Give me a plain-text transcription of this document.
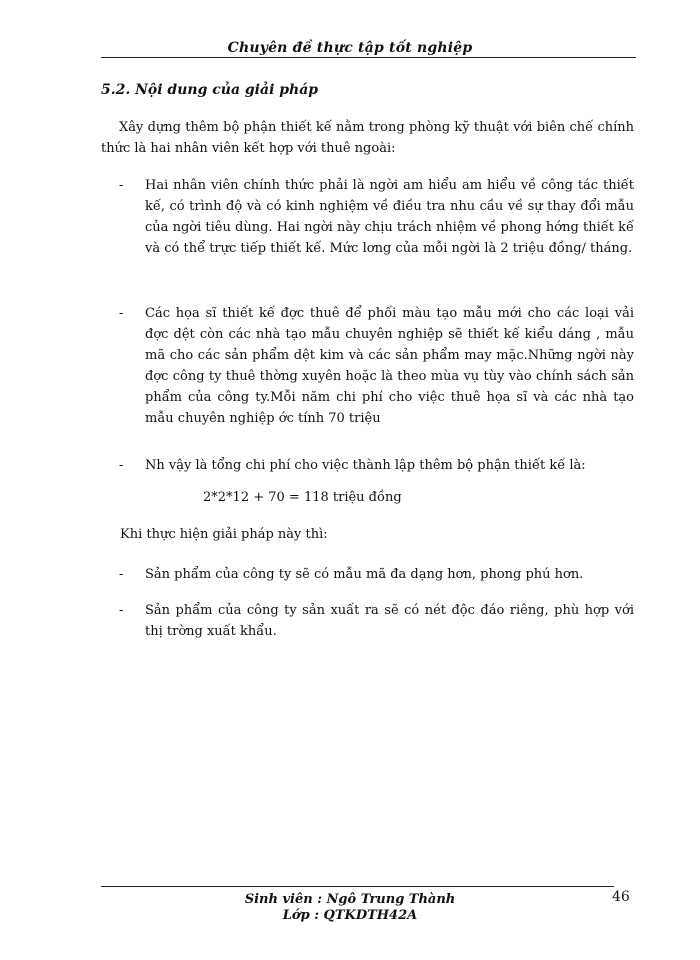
Chuyên đề thực tập tốt nghiệp
5.2. Nội dung của giải pháp

Xây dựng thêm bộ phận thiết kế nằm trong phòng kỹ thuật với biên chế chính thức là hai nhân viên kết hợp với thuê ngoài:

- Hai nhân viên chính thức phải là ngời am hiểu am hiểu về công tác thiết kế, có trình độ và có kinh nghiệm về điều tra nhu cầu về sự thay đổi mẫu của ngời tiêu dùng. Hai ngời này chịu trách nhiệm về phong hớng thiết kế và có thể trực tiếp thiết kế. Mức lơng của mỗi ngời là 2 triệu đồng/ tháng.
- Các họa sĩ thiết kế đợc thuê để phối màu tạo mẫu mới cho các loại vải đợc dệt còn các nhà tạo mẫu chuyên nghiệp sẽ thiết kế kiểu dáng , mẫu mã cho các sản phẩm dệt kim và các sản phẩm may mặc.Những ngời này đợc công ty thuê thờng xuyên hoặc là theo mùa vụ tùy vào chính sách sản phẩm của công ty.Mỗi năm chi phí cho việc thuê họa sĩ và các nhà tạo mẫu chuyên nghiệp ớc tính 70 triệu
- Nh vậy là tổng chi phí cho việc thành lập thêm bộ phận thiết kế là:
2*2*12 + 70 = 118 triệu đồng
Khi thực hiện giải pháp này thì:
- Sản phẩm của công ty sẽ có mẫu mã đa dạng hơn, phong phú hơn.
- Sản phẩm của công ty sản xuất ra sẽ có nét độc đáo riêng, phù hợp với thị trờng xuất khẩu.
Sinh viên : Ngô Trung Thành
Lớp : QTKDTH42A
46
